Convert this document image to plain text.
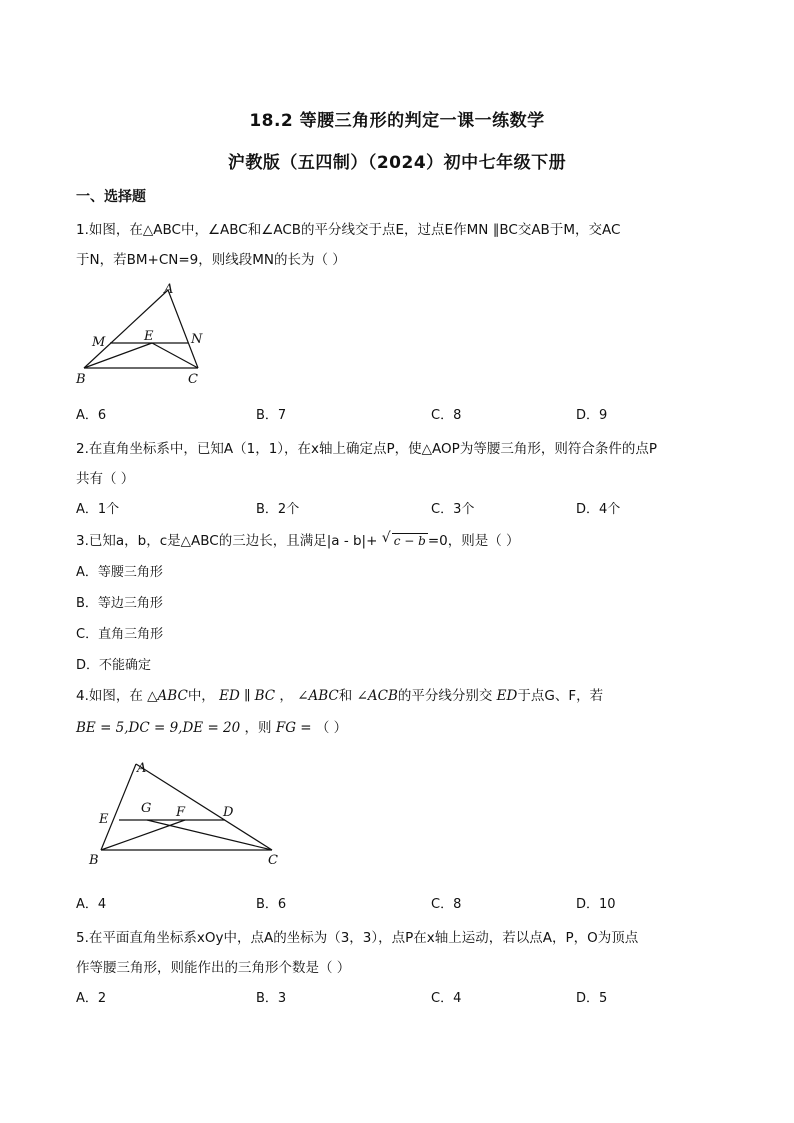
18.2 等腰三角形的判定一课一练数学
沪教版（五四制）（2024）初中七年级下册
一、选择题
1.如图，在△ABC中，∠ABC和∠ACB的平分线交于点E，过点E作MN ∥BC交AB于M，交AC
于N，若BM+CN=9，则线段MN的长为（ ）
A
M	E	N
B	C
A．6	B．7	C．8	D．9
2.在直角坐标系中，已知A（1，1），在x轴上确定点P，使△AOP为等腰三角形，则符合条件的点P
共有（ ）
A．1个	B．2个	C．3个	D．4个
3.已知a，b，c是△ABC的三边长，且满足|a - b|+ √ c − b =0，则是（ ）
A．等腰三角形
B．等边三角形
C．直角三角形
D．不能确定
4.如图，在 △ABC中， ED ∥ BC ， ∠ABC和 ∠ACB的平分线分别交 ED于点G、F，若
BE = 5,DC = 9,DE = 20 ，则 FG = （ ）
A
E
G F	D
B	C
A．4	B．6	C．8	D．10
5.在平面直角坐标系xOy中，点A的坐标为（3，3），点P在x轴上运动，若以点A，P，O为顶点
作等腰三角形，则能作出的三角形个数是（ ）
A．2	B．3	C．4	D．5
